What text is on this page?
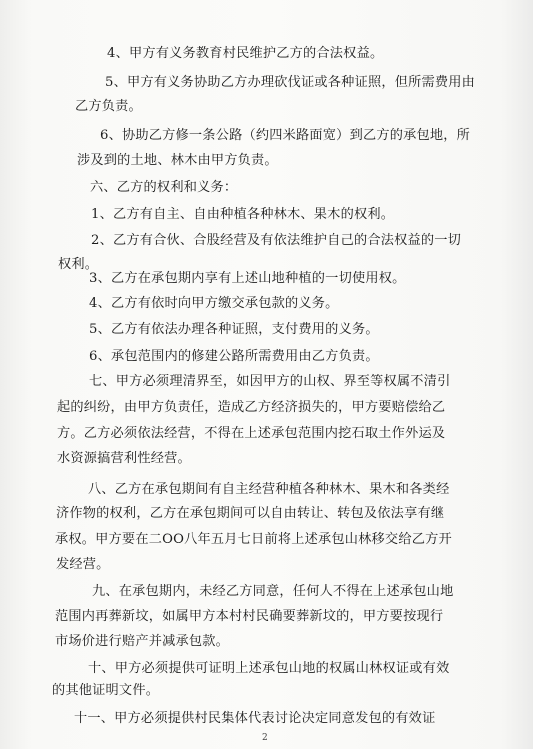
4、甲方有义务教育村民维护乙方的合法权益。
5、甲方有义务协助乙方办理砍伐证或各种证照，但所需费用由
乙方负责。
6、协助乙方修一条公路（约四米路面宽）到乙方的承包地，所
涉及到的土地、林木由甲方负责。
六、乙方的权利和义务：
1、乙方有自主、自由种植各种林木、果木的权利。
2、乙方有合伙、合股经营及有依法维护自己的合法权益的一切
权利。
3、乙方在承包期内享有上述山地种植的一切使用权。
4、乙方有依时向甲方缴交承包款的义务。
5、乙方有依法办理各种证照，支付费用的义务。
6、承包范围内的修建公路所需费用由乙方负责。
七、甲方必须理清界至，如因甲方的山权、界至等权属不清引
起的纠纷，由甲方负责任，造成乙方经济损失的，甲方要赔偿给乙
方。乙方必须依法经营，不得在上述承包范围内挖石取土作外运及
水资源搞营利性经营。
八、乙方在承包期间有自主经营种植各种林木、果木和各类经
济作物的权利，乙方在承包期间可以自由转让、转包及依法享有继
承权。甲方要在二OO八年五月七日前将上述承包山林移交给乙方开
发经营。
九、在承包期内，未经乙方同意，任何人不得在上述承包山地
范围内再葬新坟，如属甲方本村村民确要葬新坟的，甲方要按现行
市场价进行赔产并减承包款。
十、甲方必须提供可证明上述承包山地的权属山林权证或有效
的其他证明文件。
十一、甲方必须提供村民集体代表讨论决定同意发包的有效证
2
